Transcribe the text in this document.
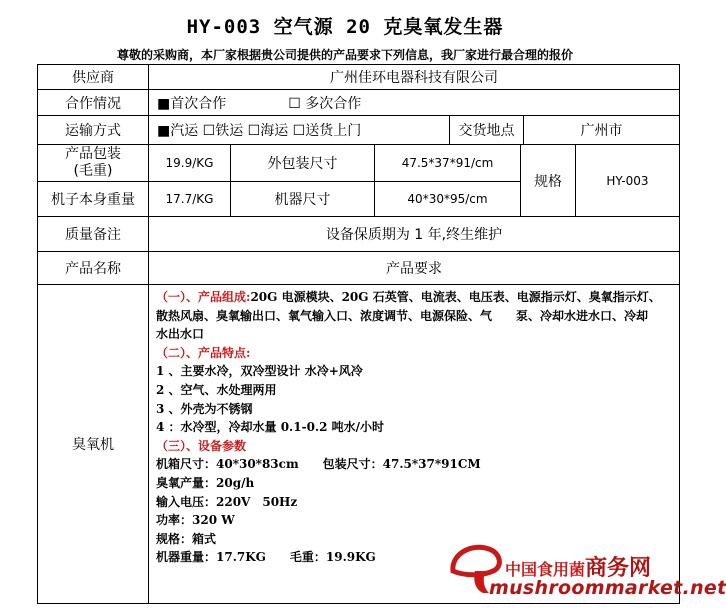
HY-003 空气源 20 克臭氧发生器
尊敬的采购商，本厂家根据贵公司提供的产品要求下列信息，我厂家进行最合理的报价
供应商	广州佳环电器科技有限公司
合作情况	■首次合作	☐ 多次合作
运输方式	■汽运 ☐铁运 ☐海运 ☐送货上门	交货地点	广州市
产品包装(毛重)	19.9/KG	外包装尺寸	47.5*37*91/cm
规格	HY-003
机子本身重量	17.7/KG	机器尺寸	40*30*95/cm
质量备注	设备保质期为 1 年,终生维护
产品名称	产品要求
臭氧机

（一）、产品组成:20G 电源模块、20G 石英管、电流表、电压表、电源指示灯、臭氧指示灯、

散热风扇、臭氧输出口、氧气输入口、浓度调节、电源保险、气　　泵、冷却水进水口、冷却

水出水口

（二）、产品特点:

1 、主要水冷，双冷型设计 水冷+风冷

2 、空气、水处理两用

3 、外壳为不锈钢

4 ：水冷型，冷却水量 0.1-0.2 吨水/小时

（三）、设备参数

机箱尺寸：40*30*83cm　　包装尺寸：47.5*37*91CM

臭氧产量：20g/h

输入电压：220V　50Hz

功率：320 W

规格：箱式

机器重量：17.7KG　　毛重：19.9KG

中国食用菌商务网
mushroommarket.net
